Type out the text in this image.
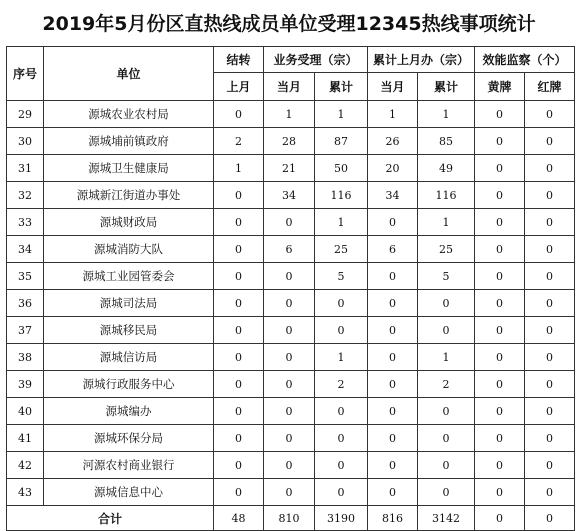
2019年5月份区直热线成员单位受理12345热线事项统计
序号	单位	结转	业务受理（宗）		累计上月办（宗）		效能监察（个）	
		上月	当月	累计	当月	累计	黄牌	红牌
29	源城农业农村局	0	1	1	1	1	0	0
30	源城埔前镇政府	2	28	87	26	85	0	0
31	源城卫生健康局	1	21	50	20	49	0	0
32	源城新江街道办事处	0	34	116	34	116	0	0
33	源城财政局	0	0	1	0	1	0	0
34	源城消防大队	0	6	25	6	25	0	0
35	源城工业园管委会	0	0	5	0	5	0	0
36	源城司法局	0	0	0	0	0	0	0
37	源城移民局	0	0	0	0	0	0	0
38	源城信访局	0	0	1	0	1	0	0
39	源城行政服务中心	0	0	2	0	2	0	0
40	源城编办	0	0	0	0	0	0	0
41	源城环保分局	0	0	0	0	0	0	0
42	河源农村商业银行	0	0	0	0	0	0	0
43	源城信息中心	0	0	0	0	0	0	0
合计		48	810	3190	816	3142	0	0
